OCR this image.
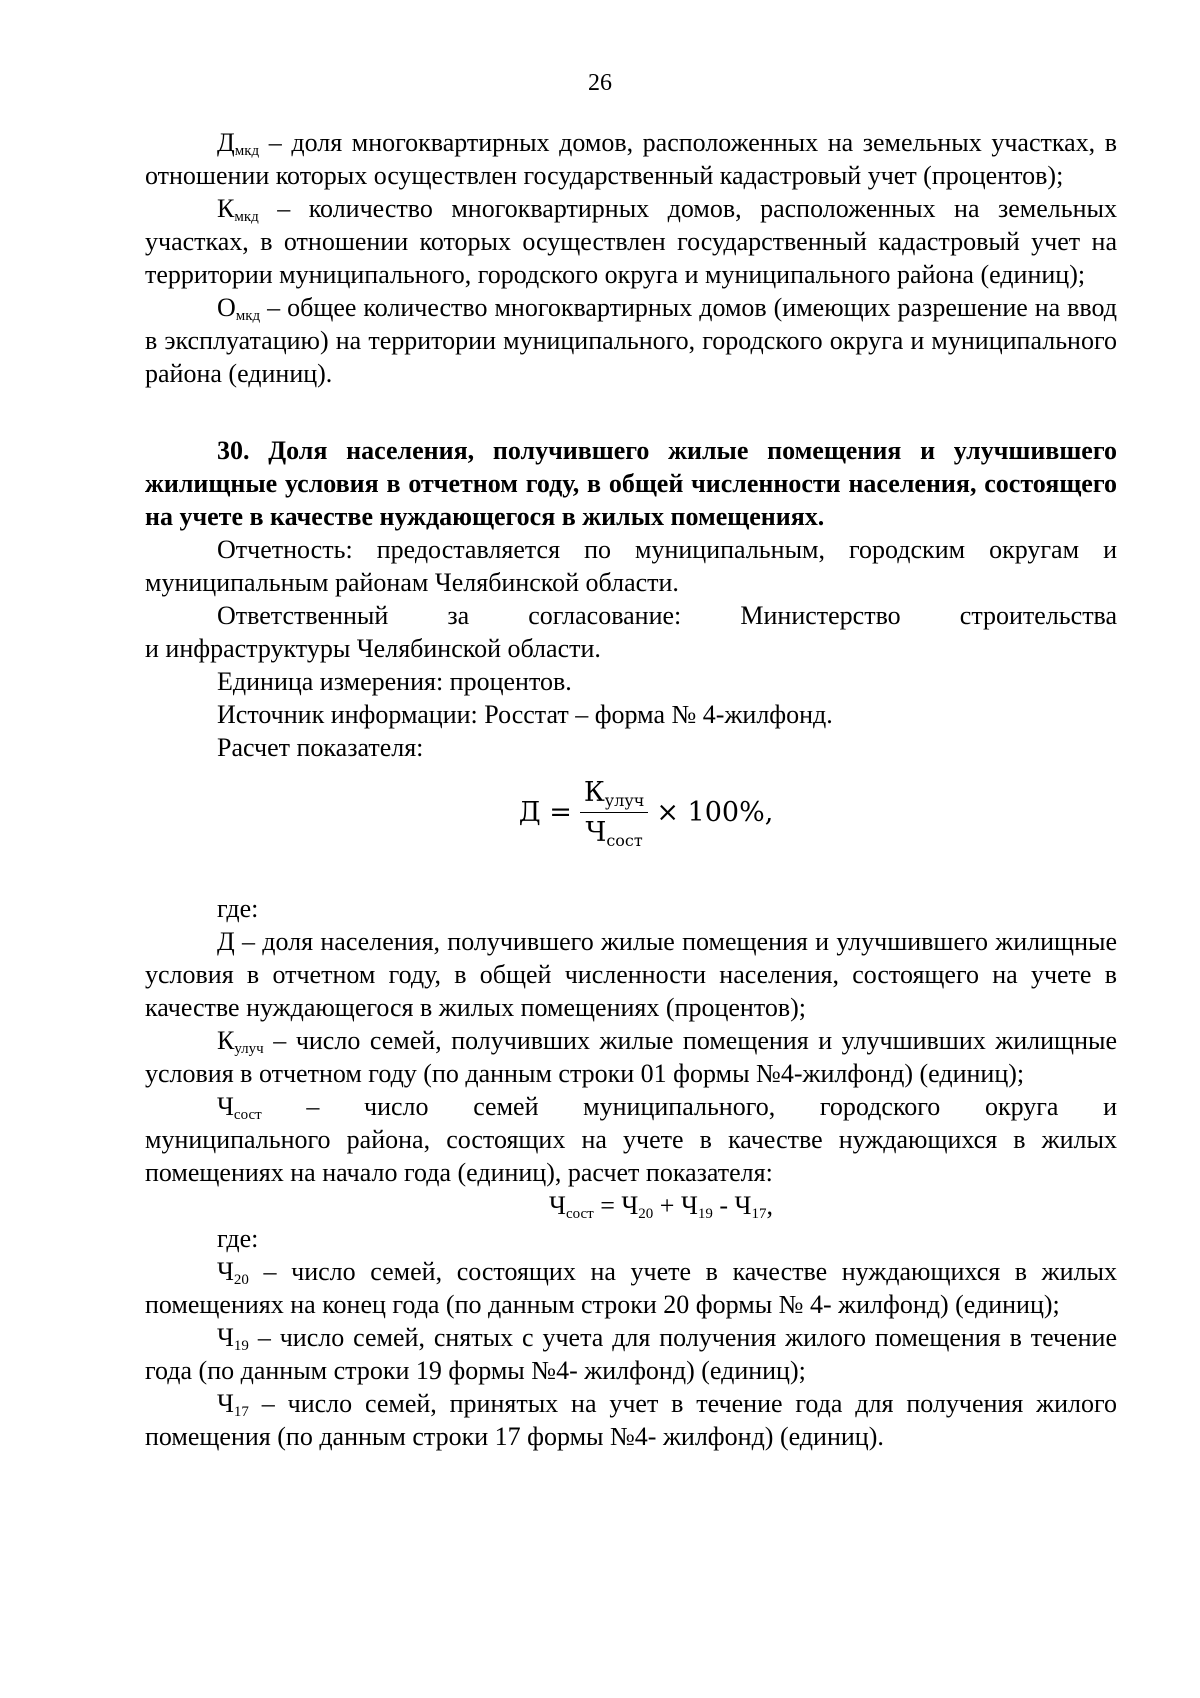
26

$Д_{мкд}$ – доля многоквартирных домов, расположенных на земельных участках, в отношении которых осуществлен государственный кадастровый учет (процентов);

$К_{мкд}$ – количество многоквартирных домов, расположенных на земельных участках, в отношении которых осуществлен государственный кадастровый учет на территории муниципального, городского округа и муниципального района (единиц);

$О_{мкд}$ – общее количество многоквартирных домов (имеющих разрешение на ввод в эксплуатацию) на территории муниципального, городского округа и муниципального района (единиц).

30. Доля населения, получившего жилые помещения и улучшившего жилищные условия в отчетном году, в общей численности населения, состоящего на учете в качестве нуждающегося в жилых помещениях.

Отчетность: предоставляется по муниципальным, городским округам и муниципальным районам Челябинской области.

Ответственный за согласование: Министерство строительства

и инфраструктуры Челябинской области.

Единица измерения: процентов.

Источник информации: Росстат – форма № 4-жилфонд.

Расчет показателя:

$Д = \frac{К_{улуч}}{Ч_{сост}} \times 100\%$,

где:

Д – доля населения, получившего жилые помещения и улучшившего жилищные условия в отчетном году, в общей численности населения, состоящего на учете в качестве нуждающегося в жилых помещениях (процентов);

$К_{улуч}$ – число семей, получивших жилые помещения и улучшивших жилищные условия в отчетном году (по данным строки 01 формы №4-жилфонд) (единиц);

$Ч_{сост}$ – число семей муниципального, городского округа и

муниципального района, состоящих на учете в качестве нуждающихся в жилых помещениях на начало года (единиц), расчет показателя:

$Ч_{сост} = Ч_{20} + Ч_{19} - Ч_{17}$,

где:

$Ч_{20}$ – число семей, состоящих на учете в качестве нуждающихся в жилых помещениях на конец года (по данным строки 20 формы № 4- жилфонд) (единиц);

$Ч_{19}$ – число семей, снятых с учета для получения жилого помещения в течение года (по данным строки 19 формы №4- жилфонд) (единиц);

$Ч_{17}$ – число семей, принятых на учет в течение года для получения жилого помещения (по данным строки 17 формы №4- жилфонд) (единиц).
